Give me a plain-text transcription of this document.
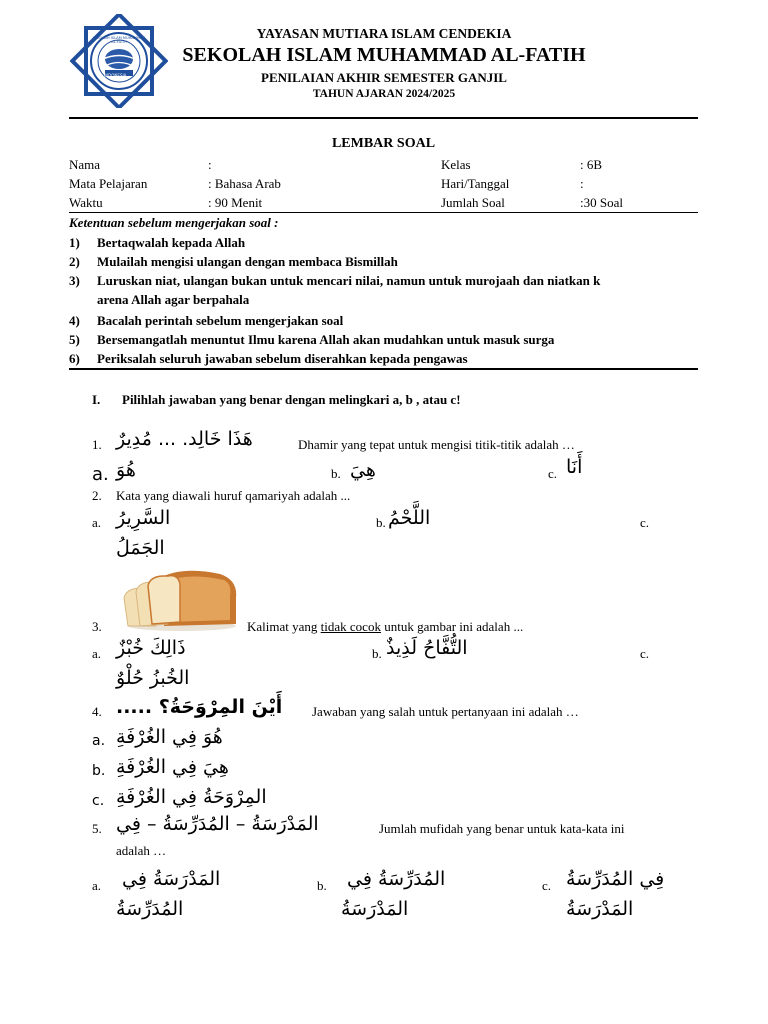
INDONESIA
SEKOLAH ISLAM MUHAMMAD AL-FATIH
YAYASAN MUTIARA ISLAM CENDEKIA
SEKOLAH ISLAM MUHAMMAD AL-FATIH
PENILAIAN AKHIR SEMESTER GANJIL
TAHUN AJARAN 2024/2025
LEMBAR SOAL
Nama	:	Kelas	: 6B
Mata Pelajaran	: Bahasa Arab	Hari/Tanggal	:
Waktu	: 90 Menit	Jumlah Soal	:30 Soal
Ketentuan sebelum mengerjakan soal :
1) Bertaqwalah kepada Allah
2) Mulailah mengisi ulangan dengan membaca Bismillah
3) Luruskan niat, ulangan bukan untuk mencari nilai, namun untuk murojaah dan niatkan k
arena Allah agar berpahala
4) Bacalah perintah sebelum mengerjakan soal
5) Bersemangatlah menuntut Ilmu karena Allah akan mudahkan untuk masuk surga
6) Periksalah seluruh jawaban sebelum diserahkan kepada pengawas
I. Pilihlah jawaban yang benar dengan melingkari a, b , atau c!
1. هَذَا خَالِد. ... مُدِيرٌ	Dhamir yang tepat untuk mengisi titik-titik adalah …
a. هُوَ	b. هِيَ	c. أَنَا
2. Kata yang diawali huruf qamariyah adalah ...
a. السَّرِيرُ	b. اللَّحْمُ	c.
الجَمَلُ
3.	Kalimat yang tidak cocok untuk gambar ini adalah ...
a. ذَالِكَ خُبْزٌ	b. التُّفَّاحُ لَذِيذٌ	c.
الخُبزُ حُلْوٌ
4. أَيْنَ المِرْوَحَةُ؟ ..... Jawaban yang salah untuk pertanyaan ini adalah …
a. هُوَ فِي الغُرْفَةِ
b. هِيَ فِي الغُرْفَةِ
c. المِرْوَحَةُ فِي الغُرْفَةِ
5. المَدْرَسَةُ – المُدَرِّسَةُ – فِي	Jumlah mufidah yang benar untuk kata-kata ini
adalah …
a. المَدْرَسَةُ فِي
المُدَرِّسَةُ
b. المُدَرِّسَةُ فِي
المَدْرَسَةُ
c. فِي المُدَرِّسَةُ
المَدْرَسَةُ
